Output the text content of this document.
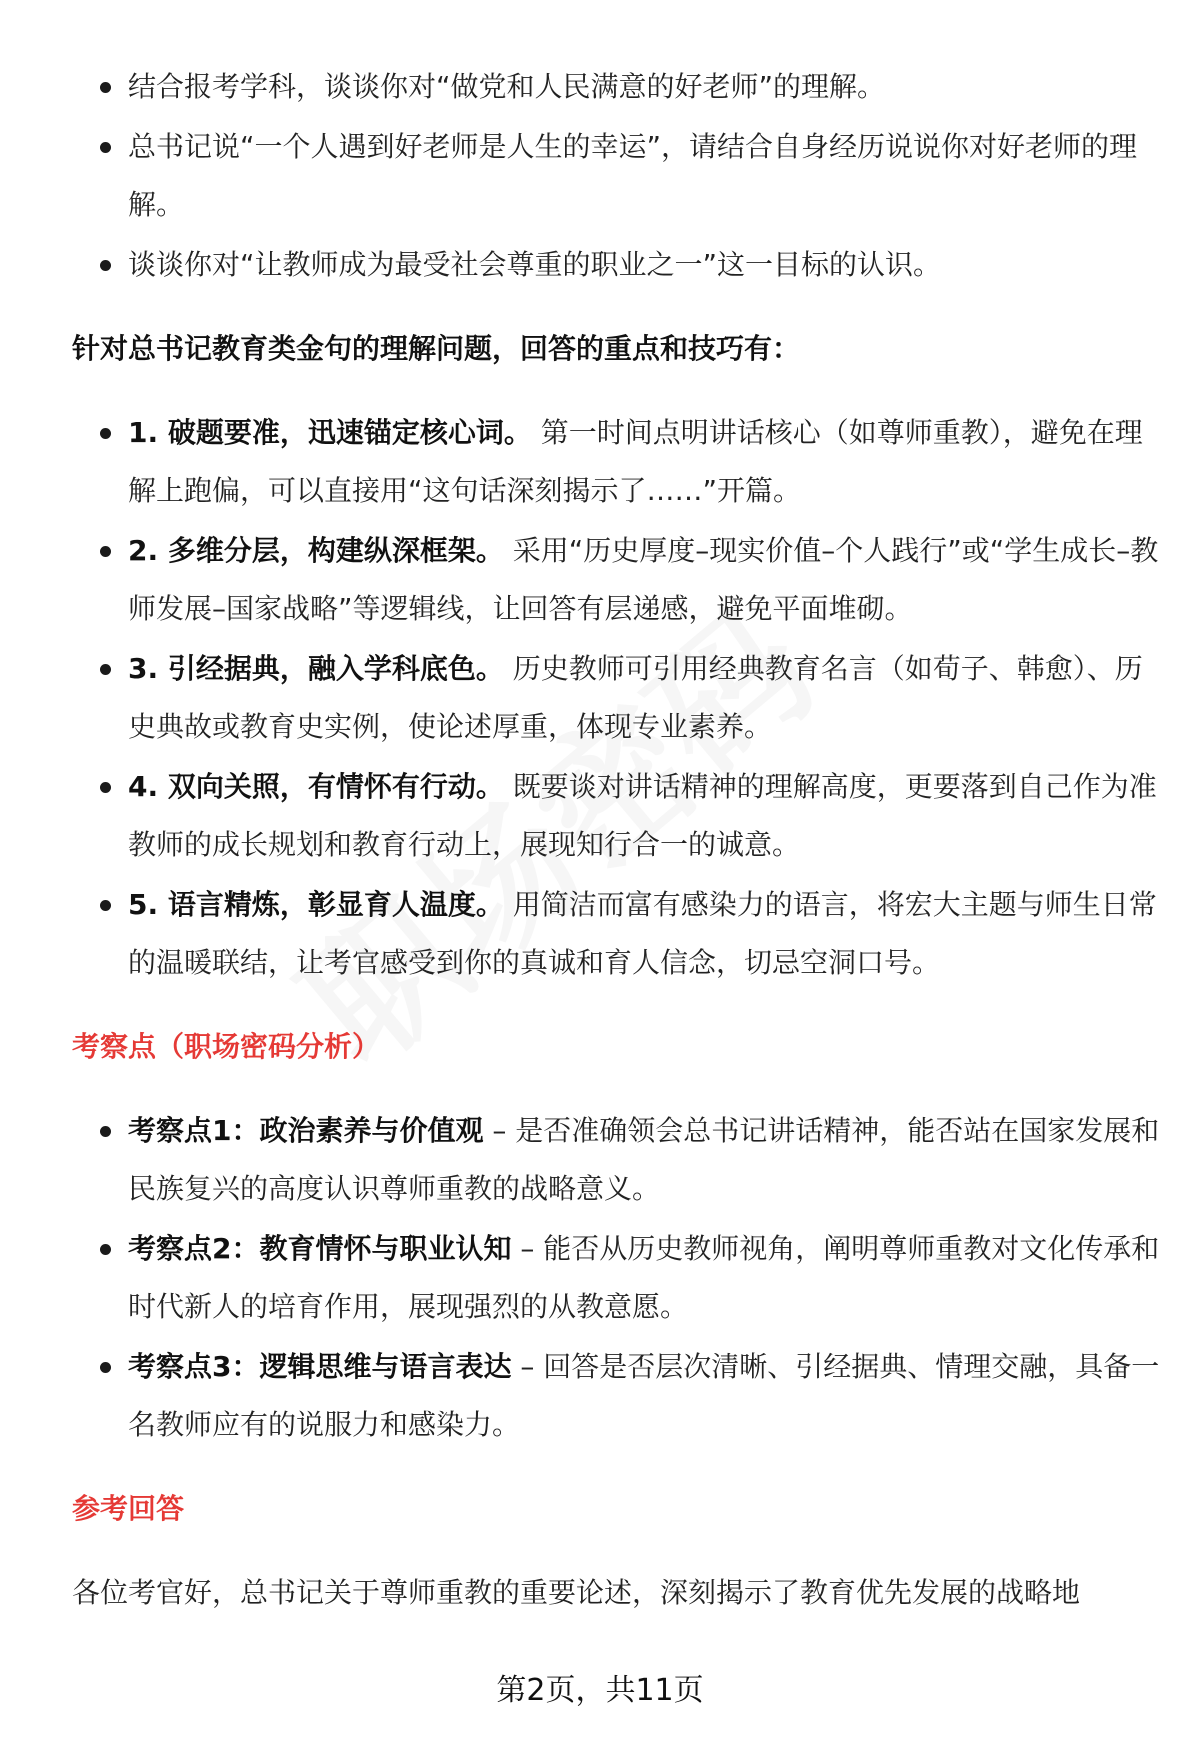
结合报考学科，谈谈你对“做党和人民满意的好老师”的理解。
总书记说“一个人遇到好老师是人生的幸运”，请结合自身经历说说你对好老师的理解。
谈谈你对“让教师成为最受社会尊重的职业之一”这一目标的认识。
针对总书记教育类金句的理解问题，回答的重点和技巧有：
1. 破题要准，迅速锚定核心词。 第一时间点明讲话核心（如尊师重教），避免在理解上跑偏，可以直接用“这句话深刻揭示了……”开篇。
2. 多维分层，构建纵深框架。 采用“历史厚度–现实价值–个人践行”或“学生成长–教师发展–国家战略”等逻辑线，让回答有层递感，避免平面堆砌。
3. 引经据典，融入学科底色。 历史教师可引用经典教育名言（如荀子、韩愈）、历史典故或教育史实例，使论述厚重，体现专业素养。
4. 双向关照，有情怀有行动。 既要谈对讲话精神的理解高度，更要落到自己作为准教师的成长规划和教育行动上，展现知行合一的诚意。
5. 语言精炼，彰显育人温度。 用简洁而富有感染力的语言，将宏大主题与师生日常的温暖联结，让考官感受到你的真诚和育人信念，切忌空洞口号。
考察点（职场密码分析）
考察点1：政治素养与价值观 – 是否准确领会总书记讲话精神，能否站在国家发展和民族复兴的高度认识尊师重教的战略意义。
考察点2：教育情怀与职业认知 – 能否从历史教师视角，阐明尊师重教对文化传承和时代新人的培育作用，展现强烈的从教意愿。
考察点3：逻辑思维与语言表达 – 回答是否层次清晰、引经据典、情理交融，具备一名教师应有的说服力和感染力。
参考回答

各位考官好，总书记关于尊师重教的重要论述，深刻揭示了教育优先发展的战略地

第2页，共11页
